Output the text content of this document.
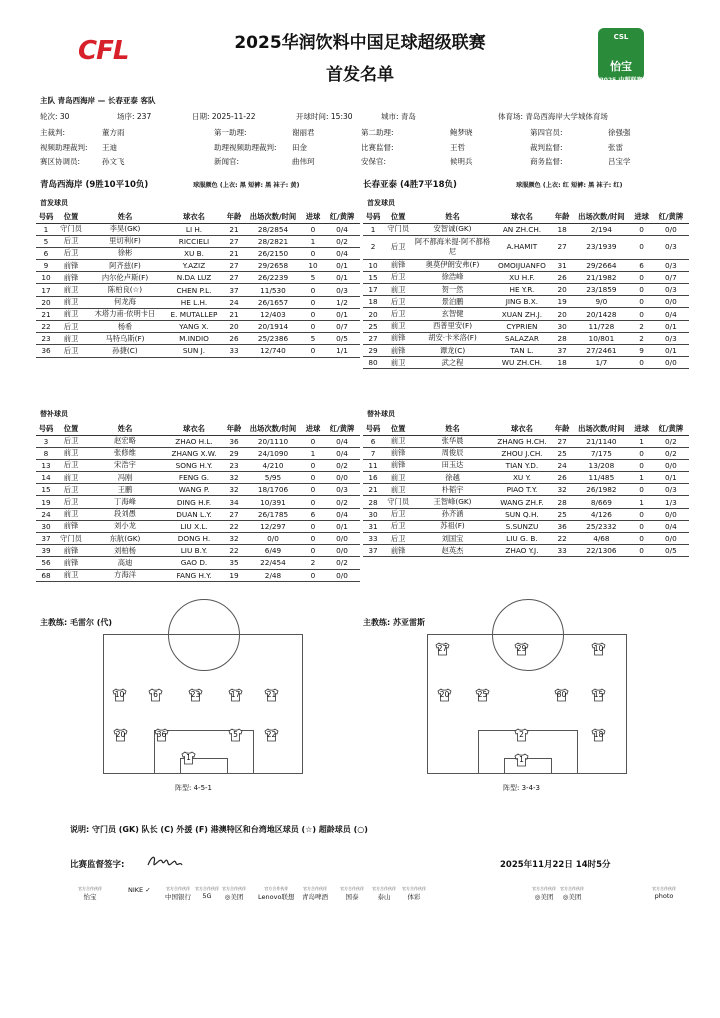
CFL	2025华润饮料中国足球超级联赛
首发名单
CSL
怡宝
2025 中超联赛
主队 青岛西海岸 — 长春亚泰 客队
轮次: 30	场序: 237	日期: 2025-11-22	开球时间: 15:30	城市: 青岛	体育场: 青岛西海岸大学城体育场
主裁判:	董方雨	第一助理:	谢丽君	第二助理:	鲍梦晓	第四官员:	徐强强
视频助理裁判: 王迪	助理视频助理裁判: 田金	比赛监督:	王哲	裁判监督:	张雷
赛区协调员:	孙文飞	新闻官:	曲伟珂	安保官:	候明兵	商务监督:	吕宝学
青岛西海岸 (9胜10平10负)	球服颜色 (上衣: 黑 短裤: 黑 袜子: 黄)	长春亚泰 (4胜7平18负)	球服颜色 (上衣: 红 短裤: 黑 袜子: 红)
首发球员	首发球员
号码	位置	姓名	球衣名	年龄	出场次数/时间	进球	红/黄牌
1	守门员	李昊(GK)	LI H.	21	28/2854	0	0/4
5	后卫	里切利(F)	RICCIELI	27	28/2821	1	0/2
6	后卫	徐彬	XU B.	21	26/2150	0	0/4
9	前锋	阿齐兹(F)	Y.AZIZ	27	29/2658	10	0/1
10	前锋	内尔伦卢斯(F)	N.DA LUZ	27	26/2239	5	0/1
17	前卫	陈柏良(☆)	CHEN P.L.	37	11/530	0	0/3
20	前卫	何龙海	HE L.H.	24	26/1657	0	1/2
21	前卫	木塔力甫·依明卡日	E. MUTALLEP	21	12/403	0	0/1
22	后卫	杨希	YANG X.	20	20/1914	0	0/7
23	前卫	马特乌斯(F)	M.INDIO	26	25/2386	5	0/5
36	后卫	孙捷(C)	SUN J.	33	12/740	0	1/1
号码	位置	姓名	球衣名	年龄	出场次数/时间	进球	红/黄牌
1	守门员	安智诚(GK)	AN ZH.CH.	18	2/194	0	0/0
2	后卫	阿不都海米提·阿不都格尼	A.HAMIT	27	23/1939	0	0/3
10	前锋	奥莫伊朗安弗(F)	OMOIJUANFO	31	29/2664	6	0/3
15	后卫	徐浩峰	XU H.F.	26	21/1982	0	0/7
17	前卫	贺一然	HE Y.R.	20	23/1859	0	0/3
18	后卫	景泊鹏	JING B.X.	19	9/0	0	0/0
20	后卫	玄智健	XUAN ZH.J.	20	20/1428	0	0/4
25	前卫	西普里安(F)	CYPRIEN	30	11/728	2	0/1
27	前锋	胡安·卡米洛(F)	SALAZAR	28	10/801	2	0/3
29	前锋	谭龙(C)	TAN L.	37	27/2461	9	0/1
80	前卫	武之程	WU ZH.CH.	18	1/7	0	0/0
替补球员	替补球员
号码	位置	姓名	球衣名	年龄	出场次数/时间	进球	红/黄牌
3	后卫	赵宏略	ZHAO H.L.	36	20/1110	0	0/4
8	前卫	张修维	ZHANG X.W.	29	24/1090	1	0/4
13	后卫	宋浩宇	SONG H.Y.	23	4/210	0	0/2
14	前卫	冯刚	FENG G.	32	5/95	0	0/0
15	后卫	王鹏	WANG P.	32	18/1706	0	0/3
19	后卫	丁海峰	DING H.F.	34	10/391	0	0/2
24	前卫	段刘愚	DUAN L.Y.	27	26/1785	6	0/4
30	前锋	刘小龙	LIU X.L.	22	12/297	0	0/1
37	守门员	东航(GK)	DONG H.	32	0/0	0	0/0
39	前锋	刘柏杨	LIU B.Y.	22	6/49	0	0/0
56	前锋	高迪	GAO D.	35	22/454	2	0/2
68	前卫	方海洋	FANG H.Y.	19	2/48	0	0/0
号码	位置	姓名	球衣名	年龄	出场次数/时间	进球	红/黄牌
6	前卫	张华晨	ZHANG H.CH.	27	21/1140	1	0/2
7	前锋	周俊辰	ZHOU J.CH.	25	7/175	0	0/2
11	前锋	田玉达	TIAN Y.D.	24	13/208	0	0/0
16	前卫	徐越	XU Y.	26	11/485	1	0/1
21	前卫	朴韬宇	PIAO T.Y.	32	26/1982	0	0/3
28	守门员	王智峰(GK)	WANG ZH.F.	28	8/669	1	1/3
30	后卫	孙齐涵	SUN Q.H.	25	4/126	0	0/0
31	后卫	苏祖(F)	S.SUNZU	36	25/2332	0	0/4
33	后卫	刘国宝	LIU G. B.	22	4/68	0	0/0
37	前锋	赵英杰	ZHAO Y.J.	33	22/1306	0	0/5
主教练: 毛雷尔 (代)	主教练: 苏亚雷斯
10	6	23	17	21
20	36	5	22
1
27	29	10
20	25	80	15
2
1
18
阵型: 4-5-1	阵型: 3-4-3
说明: 守门员 (GK) 队长 (C) 外援 (F) 港澳特区和台湾地区球员 (☆) 超龄球员 (○)
比赛监督签字:	2025年11月22日 14时5分
官方合作伙伴
怡宝
NIKE ✓	官方合作伙伴
中国银行
官方合作伙伴
5G
官方合作伙伴
◎美团
官方合作伙伴
Lenovo联想
官方合作伙伴
青岛啤酒
官方合作伙伴
国泰
官方合作伙伴
泰山
官方合作伙伴
体彩
官方合作伙伴
◎美团
官方合作伙伴
◎美团
官方合作伙伴
photo
